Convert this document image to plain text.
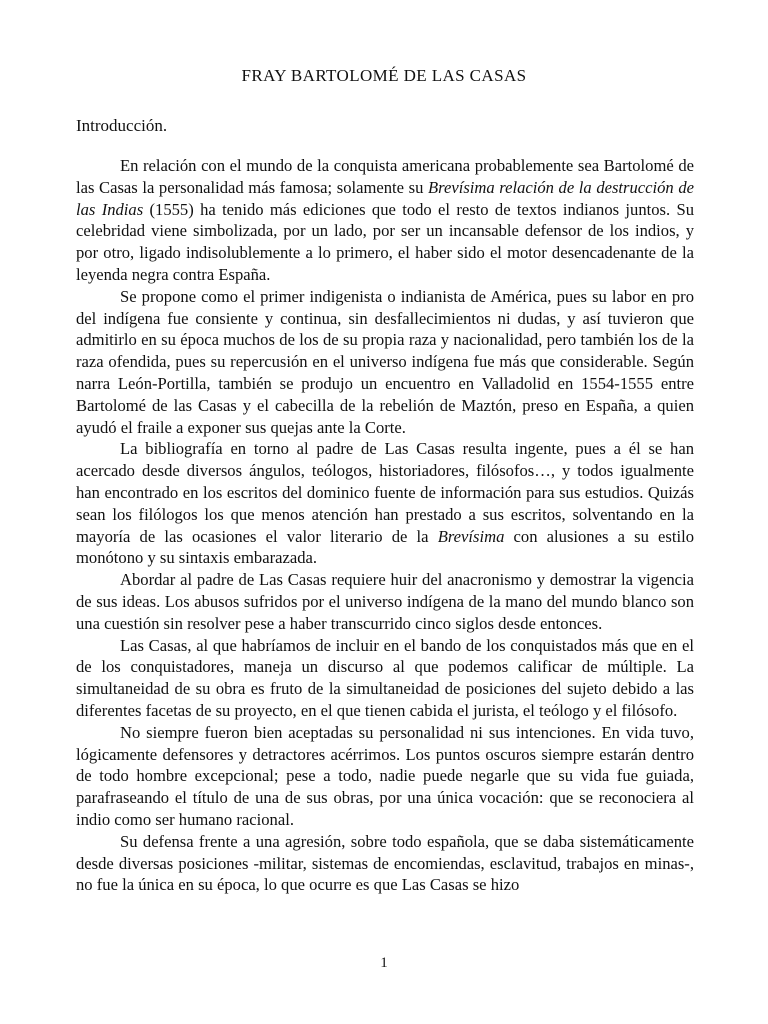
FRAY BARTOLOMÉ DE LAS CASAS
Introducción.

En relación con el mundo de la conquista americana probablemente sea Bartolomé de las Casas la personalidad más famosa; solamente su Brevísima relación de la destrucción de las Indias (1555) ha tenido más ediciones que todo el resto de textos indianos juntos. Su celebridad viene simbolizada, por un lado, por ser un incansable defensor de los indios, y por otro, ligado indisolublemente a lo primero, el haber sido el motor desencadenante de la leyenda negra contra España.

Se propone como el primer indigenista o indianista de América, pues su labor en pro del indígena fue consiente y continua, sin desfallecimientos ni dudas, y así tuvieron que admitirlo en su época muchos de los de su propia raza y nacionalidad, pero también los de la raza ofendida, pues su repercusión en el universo indígena fue más que considerable. Según narra León-Portilla, también se produjo un encuentro en Valladolid en 1554-1555 entre Bartolomé de las Casas y el cabecilla de la rebelión de Maztón, preso en España, a quien ayudó el fraile a exponer sus quejas ante la Corte.

La bibliografía en torno al padre de Las Casas resulta ingente, pues a él se han acercado desde diversos ángulos, teólogos, historiadores, filósofos…, y todos igualmente han encontrado en los escritos del dominico fuente de información para sus estudios. Quizás sean los filólogos los que menos atención han prestado a sus escritos, solventando en la mayoría de las ocasiones el valor literario de la Brevísima con alusiones a su estilo monótono y su sintaxis embarazada.

Abordar al padre de Las Casas requiere huir del anacronismo y demostrar la vigencia de sus ideas. Los abusos sufridos por el universo indígena de la mano del mundo blanco son una cuestión sin resolver pese a haber transcurrido cinco siglos desde entonces.

Las Casas, al que habríamos de incluir en el bando de los conquistados más que en el de los conquistadores, maneja un discurso al que podemos calificar de múltiple. La simultaneidad de su obra es fruto de la simultaneidad de posiciones del sujeto debido a las diferentes facetas de su proyecto, en el que tienen cabida el jurista, el teólogo y el filósofo.

No siempre fueron bien aceptadas su personalidad ni sus intenciones. En vida tuvo, lógicamente defensores y detractores acérrimos. Los puntos oscuros siempre estarán dentro de todo hombre excepcional; pese a todo, nadie puede negarle que su vida fue guiada, parafraseando el título de una de sus obras, por una única vocación: que se reconociera al indio como ser humano racional.

Su defensa frente a una agresión, sobre todo española, que se daba sistemáticamente desde diversas posiciones -militar, sistemas de encomiendas, esclavitud, trabajos en minas-, no fue la única en su época, lo que ocurre es que Las Casas se hizo

1
